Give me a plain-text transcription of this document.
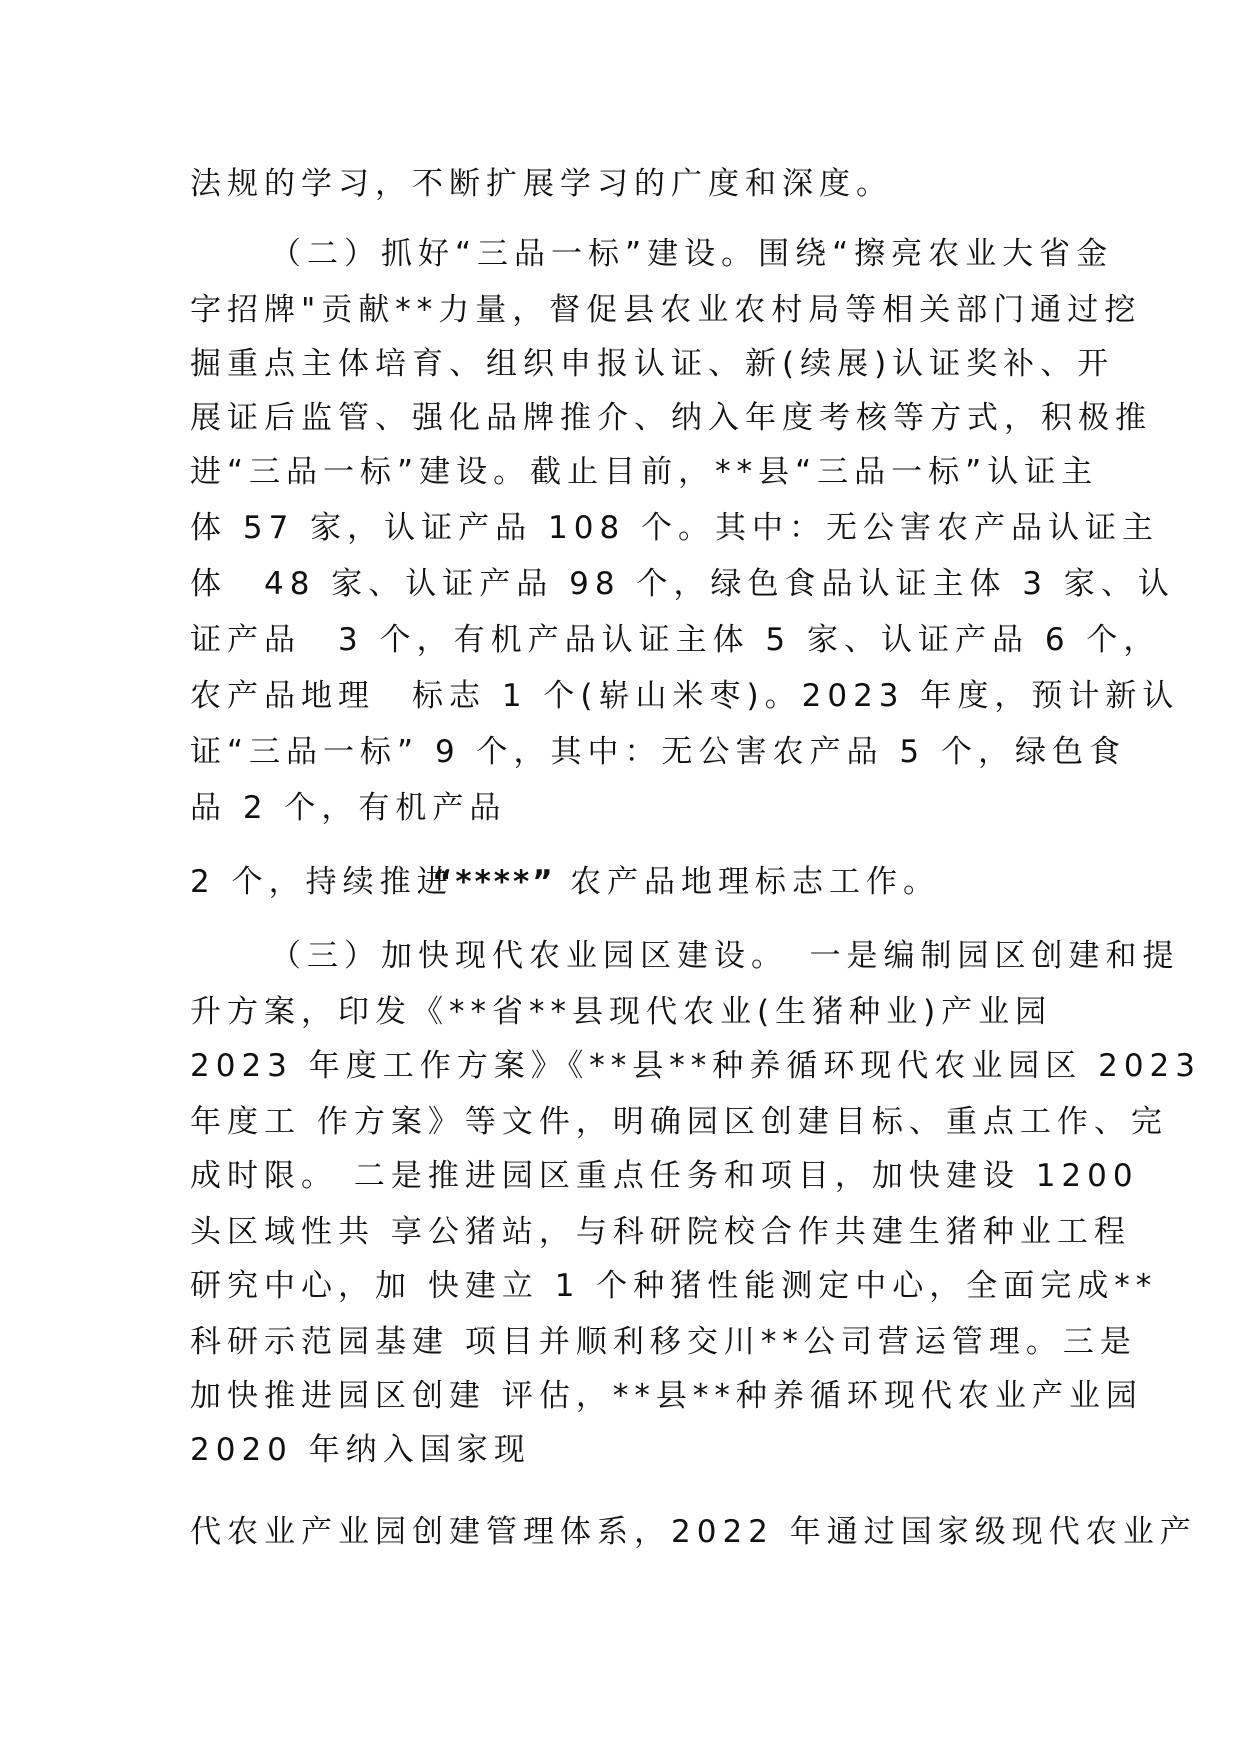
法规的学习，不断扩展学习的广度和深度。

（二）抓好“三品一标”建设。围绕“擦亮农业大省金

字招牌"贡献**力量，督促县农业农村局等相关部门通过挖

掘重点主体培育、组织申报认证、新(续展)认证奖补、开

展证后监管、强化品牌推介、纳入年度考核等方式，积极推

进“三品一标”建设。截止目前，**县“三品一标”认证主

体 57 家，认证产品 108 个。其中：无公害农产品认证主

体　48 家、认证产品 98 个，绿色食品认证主体 3 家、认

证产品　3 个，有机产品认证主体 5 家、认证产品 6 个，

农产品地理　标志 1 个(崭山米枣)。2023 年度，预计新认

证“三品一标” 9 个，其中：无公害农产品 5 个，绿色食

品 2 个，有机产品

2 个，持续推进

“****” 农产品地理标志工作。

（三）加快现代农业园区建设。　一是编制园区创建和提

升方案，印发《**省**县现代农业(生猪种业)产业园

2023 年度工作方案》《**县**种养循环现代农业园区 2023

年度工 作方案》等文件，明确园区创建目标、重点工作、完

成时限。 二是推进园区重点任务和项目，加快建设 1200

头区域性共 享公猪站，与科研院校合作共建生猪种业工程

研究中心，加 快建立 1 个种猪性能测定中心，全面完成**

科研示范园基建 项目并顺利移交川**公司营运管理。三是

加快推进园区创建 评估，**县**种养循环现代农业产业园

2020 年纳入国家现

代农业产业园创建管理体系，2022 年通过国家级现代农业产
